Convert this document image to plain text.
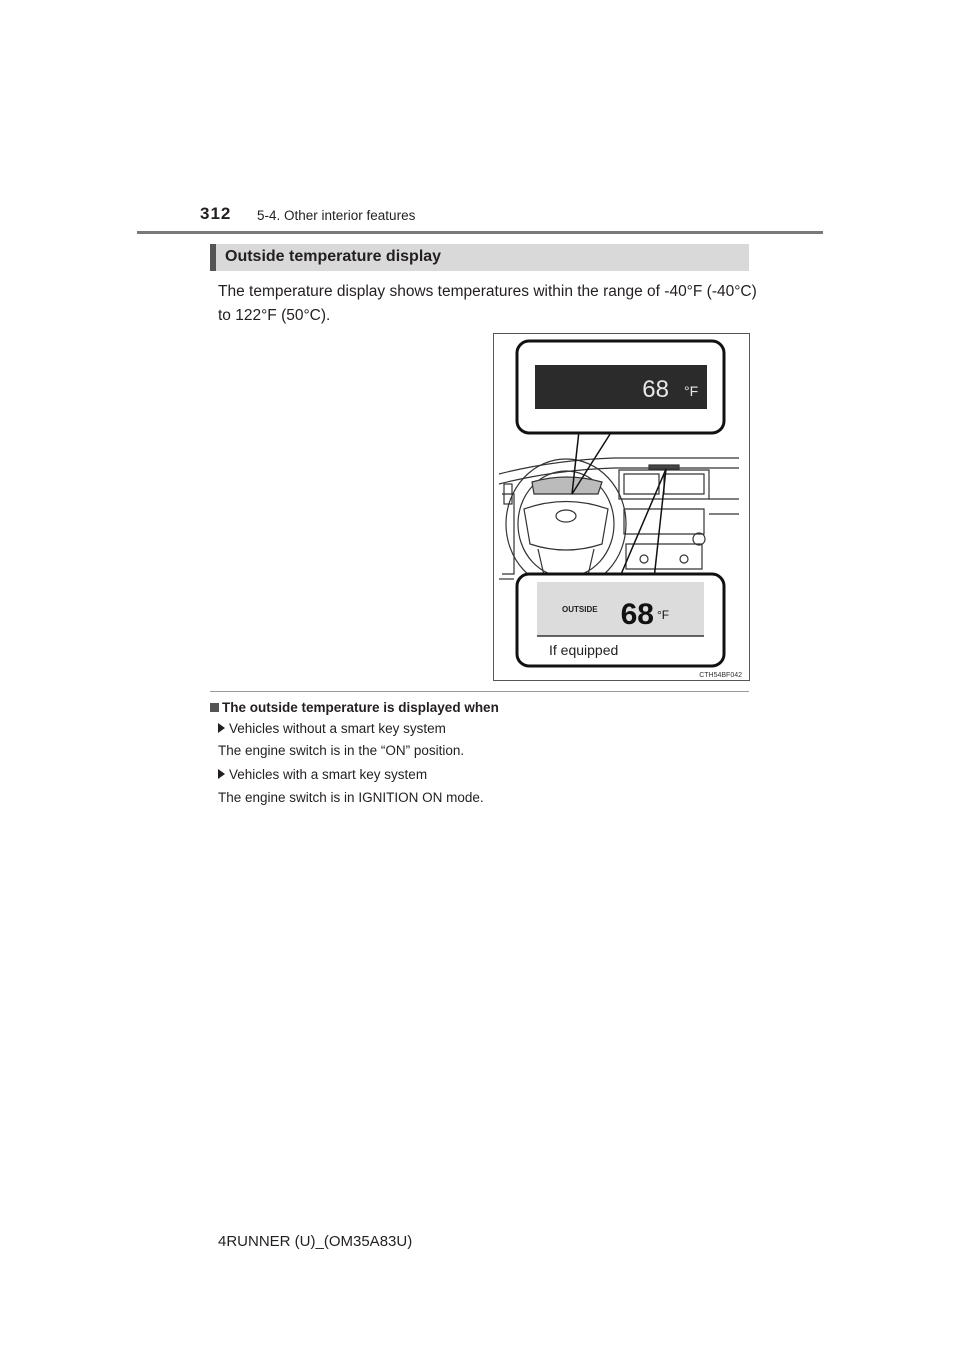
312 5-4. Other interior features
Outside temperature display
The temperature display shows temperatures within the range of -40°F (-40°C) to 122°F (50°C).
68 °F
OUTSIDE 68 °F
If equipped
CTH54BF042
The outside temperature is displayed when
Vehicles without a smart key system
The engine switch is in the “ON” position.
Vehicles with a smart key system
The engine switch is in IGNITION ON mode.
4RUNNER (U)_(OM35A83U)
